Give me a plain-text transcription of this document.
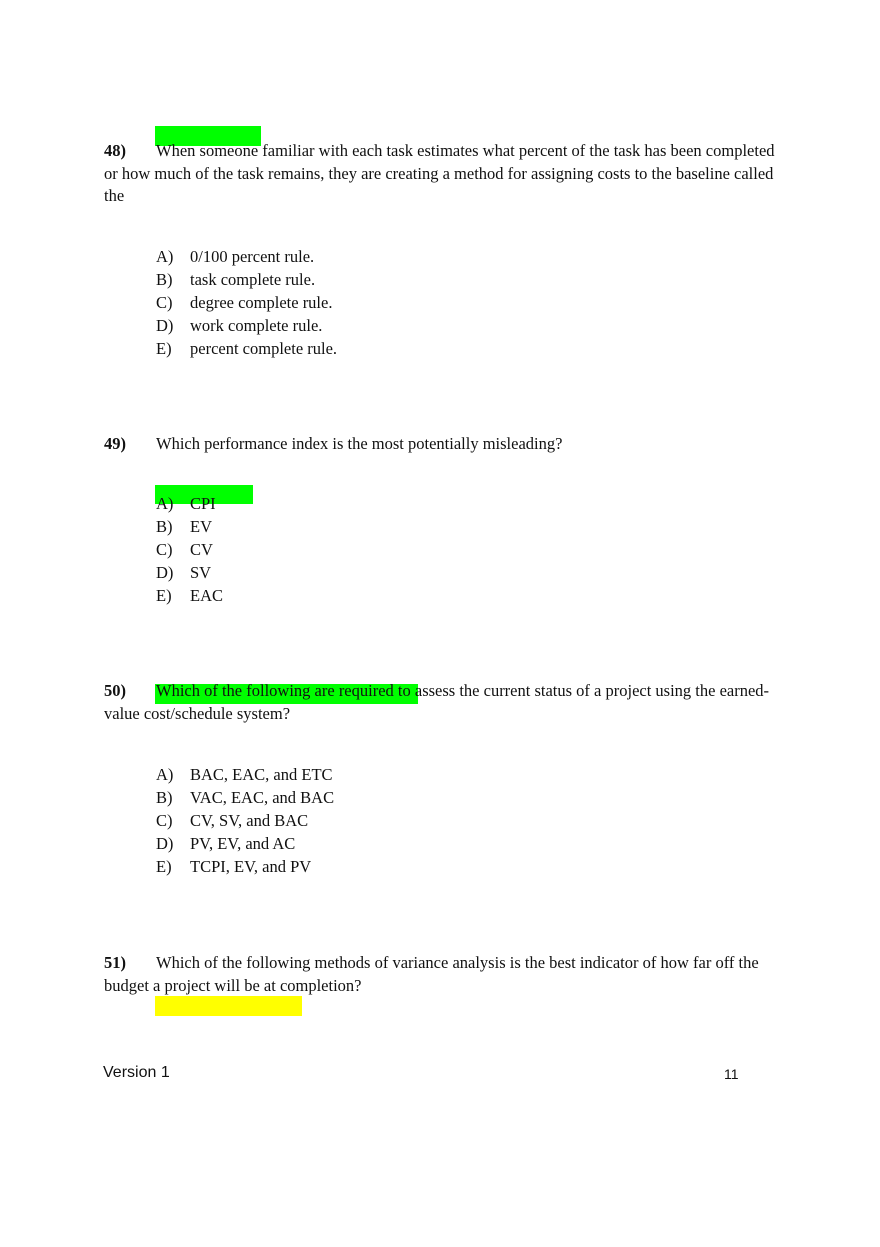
48) When someone familiar with each task estimates what percent of the task has been completed or how much of the task remains, they are creating a method for assigning costs to the baseline called the
A) 0/100 percent rule.
B) task complete rule.
C) degree complete rule.
D) work complete rule.
E) percent complete rule.
49) Which performance index is the most potentially misleading?
A) CPI
B) EV
C) CV
D) SV
E) EAC
50) Which of the following are required to assess the current status of a project using the earned-value cost/schedule system?
A) BAC, EAC, and ETC
B) VAC, EAC, and BAC
C) CV, SV, and BAC
D) PV, EV, and AC
E) TCPI, EV, and PV
51) Which of the following methods of variance analysis is the best indicator of how far off the budget a project will be at completion?
Version 1	11
